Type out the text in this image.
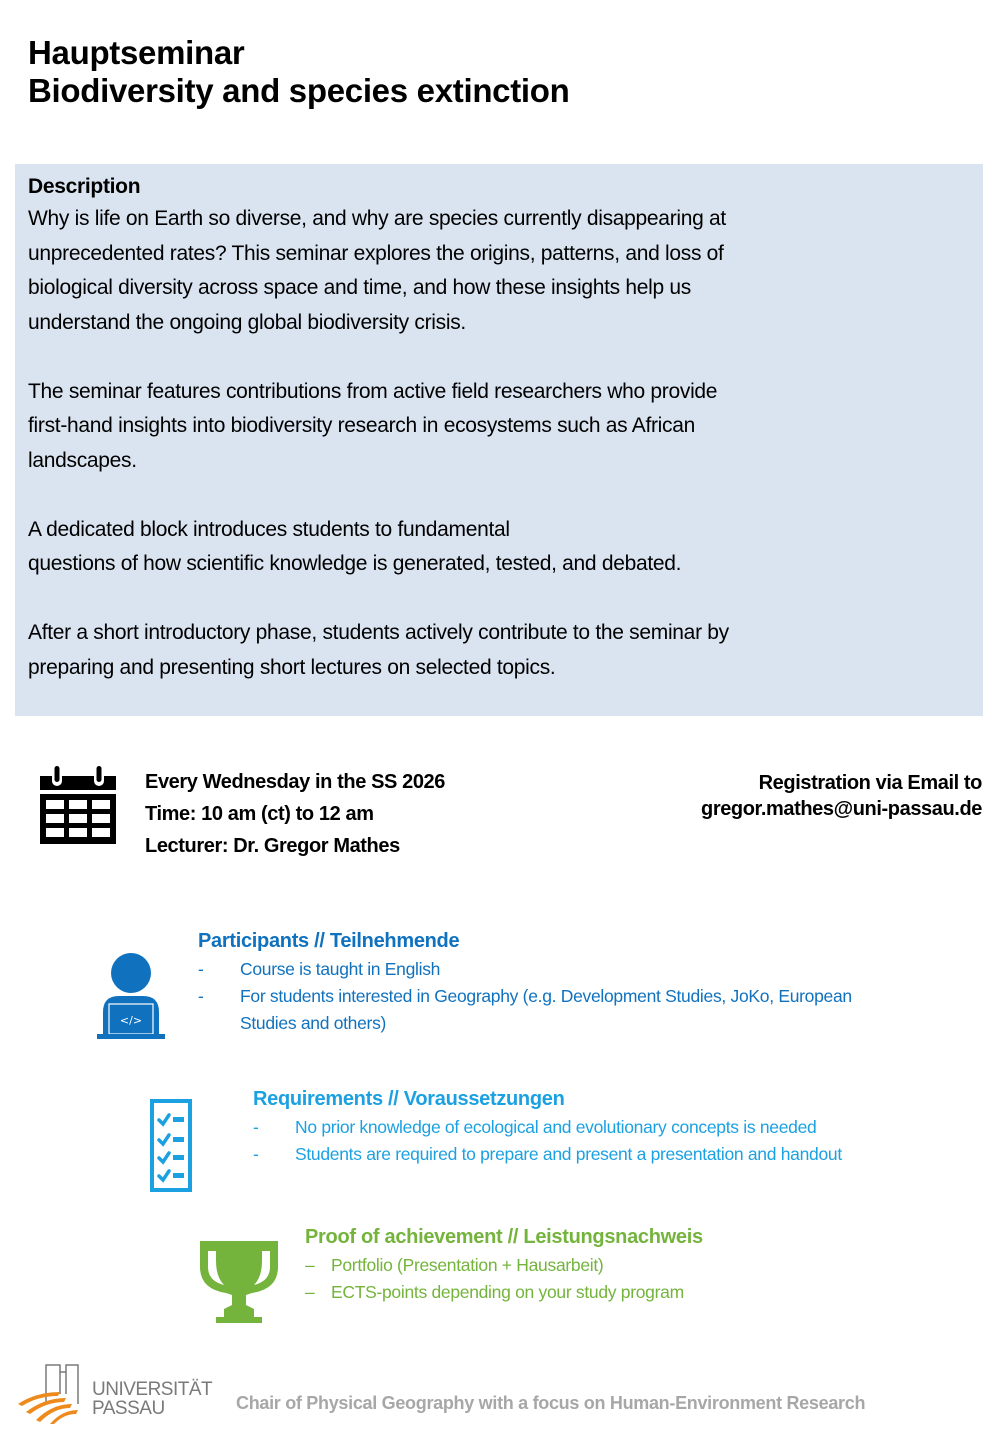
Hauptseminar
Biodiversity and species extinction
Description

Why is life on Earth so diverse, and why are species currently disappearing at
unprecedented rates? This seminar explores the origins, patterns, and loss of
biological diversity across space and time, and how these insights help us
understand the ongoing global biodiversity crisis.

The seminar features contributions from active field researchers who provide
first-hand insights into biodiversity research in ecosystems such as African
landscapes.

A dedicated block introduces students to fundamental
questions of how scientific knowledge is generated, tested, and debated.

After a short introductory phase, students actively contribute to the seminar by
preparing and presenting short lectures on selected topics.

Every Wednesday in the SS 2026
Time: 10 am (ct) to 12 am
Lecturer: Dr. Gregor Mathes
Registration via Email to
gregor.mathes@uni-passau.de
</>
Participants // Teilnehmende
-	Course is taught in English
-	For students interested in Geography (e.g. Development Studies, JoKo, European Studies and others)
Requirements // Voraussetzungen
-	No prior knowledge of ecological and evolutionary concepts is needed
-	Students are required to prepare and present a presentation and handout
Proof of achievement // Leistungsnachweis
– Portfolio (Presentation + Hausarbeit)
– ECTS-points depending on your study program
UNIVERSITÄT
PASSAU	Chair of Physical Geography with a focus on Human-Environment Research
